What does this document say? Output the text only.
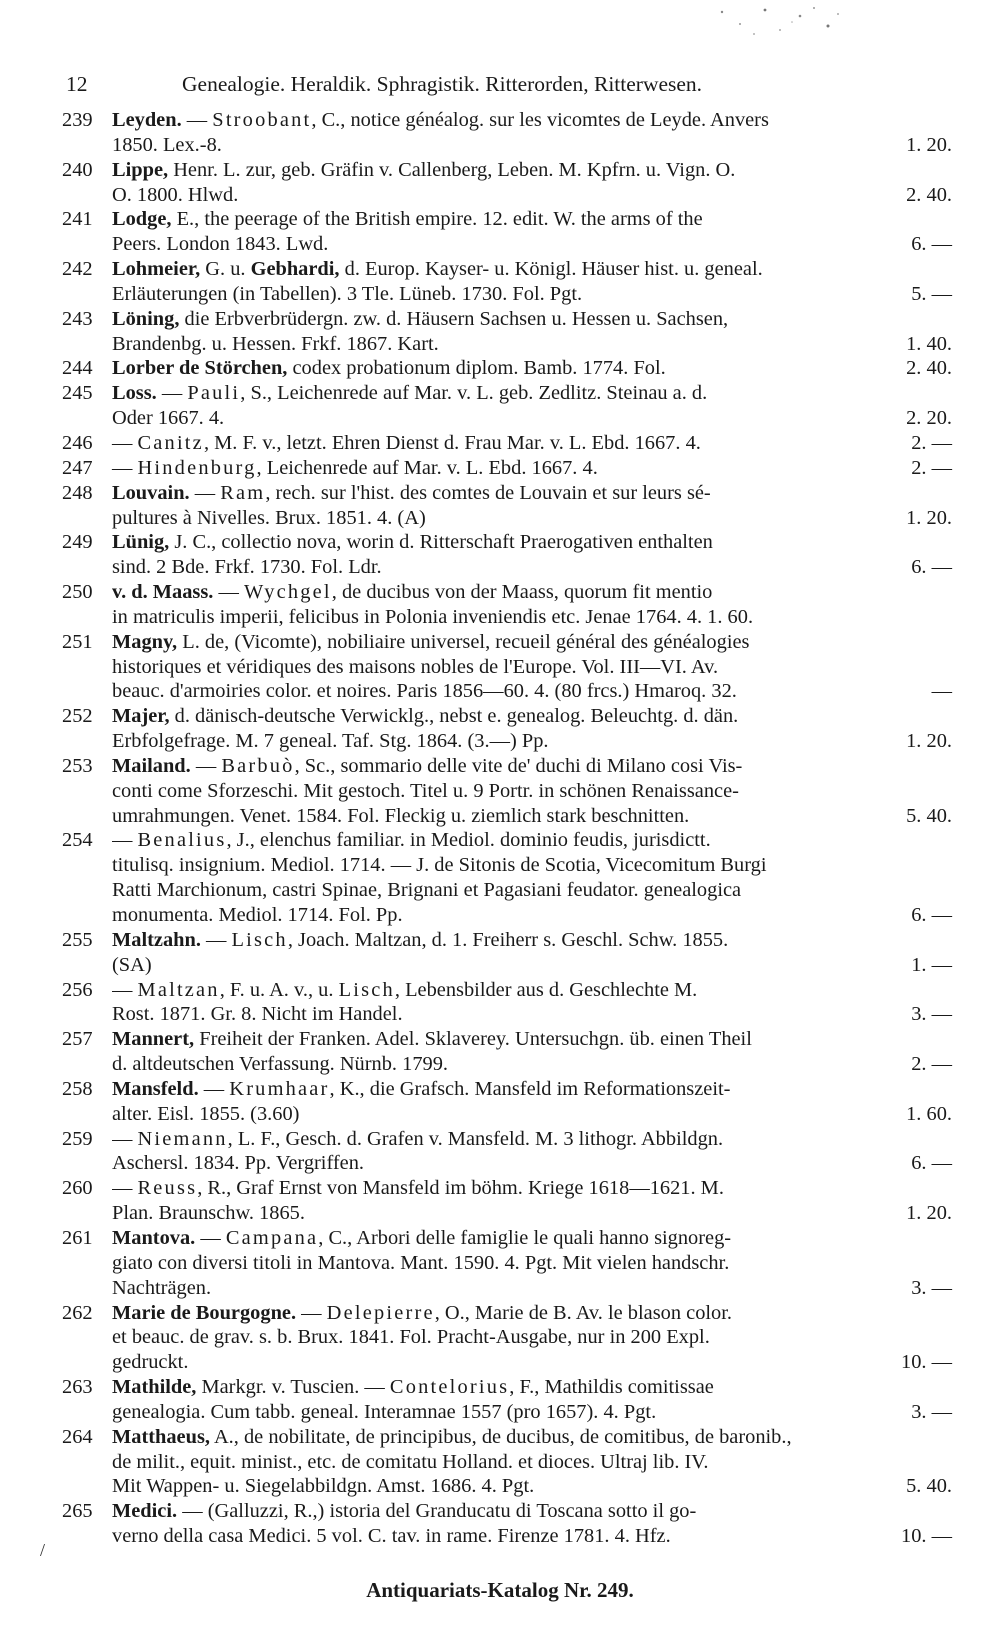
12	Genealogie. Heraldik. Sphragistik. Ritterorden, Ritterwesen.
239 Leyden. — Stroobant, C., notice généalog. sur les vicomtes de Leyde. Anvers
1850. Lex.-8.	1. 20.
240 Lippe, Henr. L. zur, geb. Gräfin v. Callenberg, Leben. M. Kpfrn. u. Vign. O.
O. 1800. Hlwd.	2. 40.
241 Lodge, E., the peerage of the British empire. 12. edit. W. the arms of the
Peers. London 1843. Lwd.	6. —
242 Lohmeier, G. u. Gebhardi, d. Europ. Kayser- u. Königl. Häuser hist. u. geneal.
Erläuterungen (in Tabellen). 3 Tle. Lüneb. 1730. Fol. Pgt.	5. —
243 Löning, die Erbverbrüdergn. zw. d. Häusern Sachsen u. Hessen u. Sachsen,
Brandenbg. u. Hessen. Frkf. 1867. Kart.	1. 40.
244 Lorber de Störchen, codex probationum diplom. Bamb. 1774. Fol.	2. 40.
245 Loss. — Pauli, S., Leichenrede auf Mar. v. L. geb. Zedlitz. Steinau a. d.
Oder 1667. 4.	2. 20.
246 — Canitz, M. F. v., letzt. Ehren Dienst d. Frau Mar. v. L. Ebd. 1667. 4.	2. —
247 — Hindenburg, Leichenrede auf Mar. v. L. Ebd. 1667. 4.	2. —
248 Louvain. — Ram, rech. sur l'hist. des comtes de Louvain et sur leurs sé-
pultures à Nivelles. Brux. 1851. 4. (A)	1. 20.
249 Lünig, J. C., collectio nova, worin d. Ritterschaft Praerogativen enthalten
sind. 2 Bde. Frkf. 1730. Fol. Ldr.	6. —
250 v. d. Maass. — Wychgel, de ducibus von der Maass, quorum fit mentio
in matriculis imperii, felicibus in Polonia inveniendis etc. Jenae 1764. 4. 1. 60.
251 Magny, L. de, (Vicomte), nobiliaire universel, recueil général des généalogies
historiques et véridiques des maisons nobles de l'Europe. Vol. III—VI. Av.
beauc. d'armoiries color. et noires. Paris 1856—60. 4. (80 frcs.) Hmaroq. 32.	—
252 Majer, d. dänisch-deutsche Verwicklg., nebst e. genealog. Beleuchtg. d. dän.
Erbfolgefrage. M. 7 geneal. Taf. Stg. 1864. (3.—) Pp.	1. 20.
253 Mailand. — Barbuò, Sc., sommario delle vite de' duchi di Milano cosi Vis-
conti come Sforzeschi. Mit gestoch. Titel u. 9 Portr. in schönen Renaissance-
umrahmungen. Venet. 1584. Fol. Fleckig u. ziemlich stark beschnitten.	5. 40.
254 — Benalius, J., elenchus familiar. in Mediol. dominio feudis, jurisdictt.
titulisq. insignium. Mediol. 1714. — J. de Sitonis de Scotia, Vicecomitum Burgi
Ratti Marchionum, castri Spinae, Brignani et Pagasiani feudator. genealogica
monumenta. Mediol. 1714. Fol. Pp.	6. —
255 Maltzahn. — Lisch, Joach. Maltzan, d. 1. Freiherr s. Geschl. Schw. 1855.
(SA)	1. —
256 — Maltzan, F. u. A. v., u. Lisch, Lebensbilder aus d. Geschlechte M.
Rost. 1871. Gr. 8. Nicht im Handel.	3. —
257 Mannert, Freiheit der Franken. Adel. Sklaverey. Untersuchgn. üb. einen Theil
d. altdeutschen Verfassung. Nürnb. 1799.	2. —
258 Mansfeld. — Krumhaar, K., die Grafsch. Mansfeld im Reformationszeit-
alter. Eisl. 1855. (3.60)	1. 60.
259 — Niemann, L. F., Gesch. d. Grafen v. Mansfeld. M. 3 lithogr. Abbildgn.
Aschersl. 1834. Pp. Vergriffen.	6. —
260 — Reuss, R., Graf Ernst von Mansfeld im böhm. Kriege 1618—1621. M.
Plan. Braunschw. 1865.	1. 20.
261 Mantova. — Campana, C., Arbori delle famiglie le quali hanno signoreg-
giato con diversi titoli in Mantova. Mant. 1590. 4. Pgt. Mit vielen handschr.
Nachträgen.	3. —
262 Marie de Bourgogne. — Delepierre, O., Marie de B. Av. le blason color.
et beauc. de grav. s. b. Brux. 1841. Fol. Pracht-Ausgabe, nur in 200 Expl.
gedruckt.	10. —
263 Mathilde, Markgr. v. Tuscien. — Contelorius, F., Mathildis comitissae
genealogia. Cum tabb. geneal. Interamnae 1557 (pro 1657). 4. Pgt.	3. —
264 Matthaeus, A., de nobilitate, de principibus, de ducibus, de comitibus, de baronib.,
de milit., equit. minist., etc. de comitatu Holland. et dioces. Ultraj lib. IV.
Mit Wappen- u. Siegelabbildgn. Amst. 1686. 4. Pgt.	5. 40.
265 Medici. — (Galluzzi, R.,) istoria del Granducatu di Toscana sotto il go-
verno della casa Medici. 5 vol. C. tav. in rame. Firenze 1781. 4. Hfz.	10. —
/
Antiquariats-Katalog Nr. 249.
